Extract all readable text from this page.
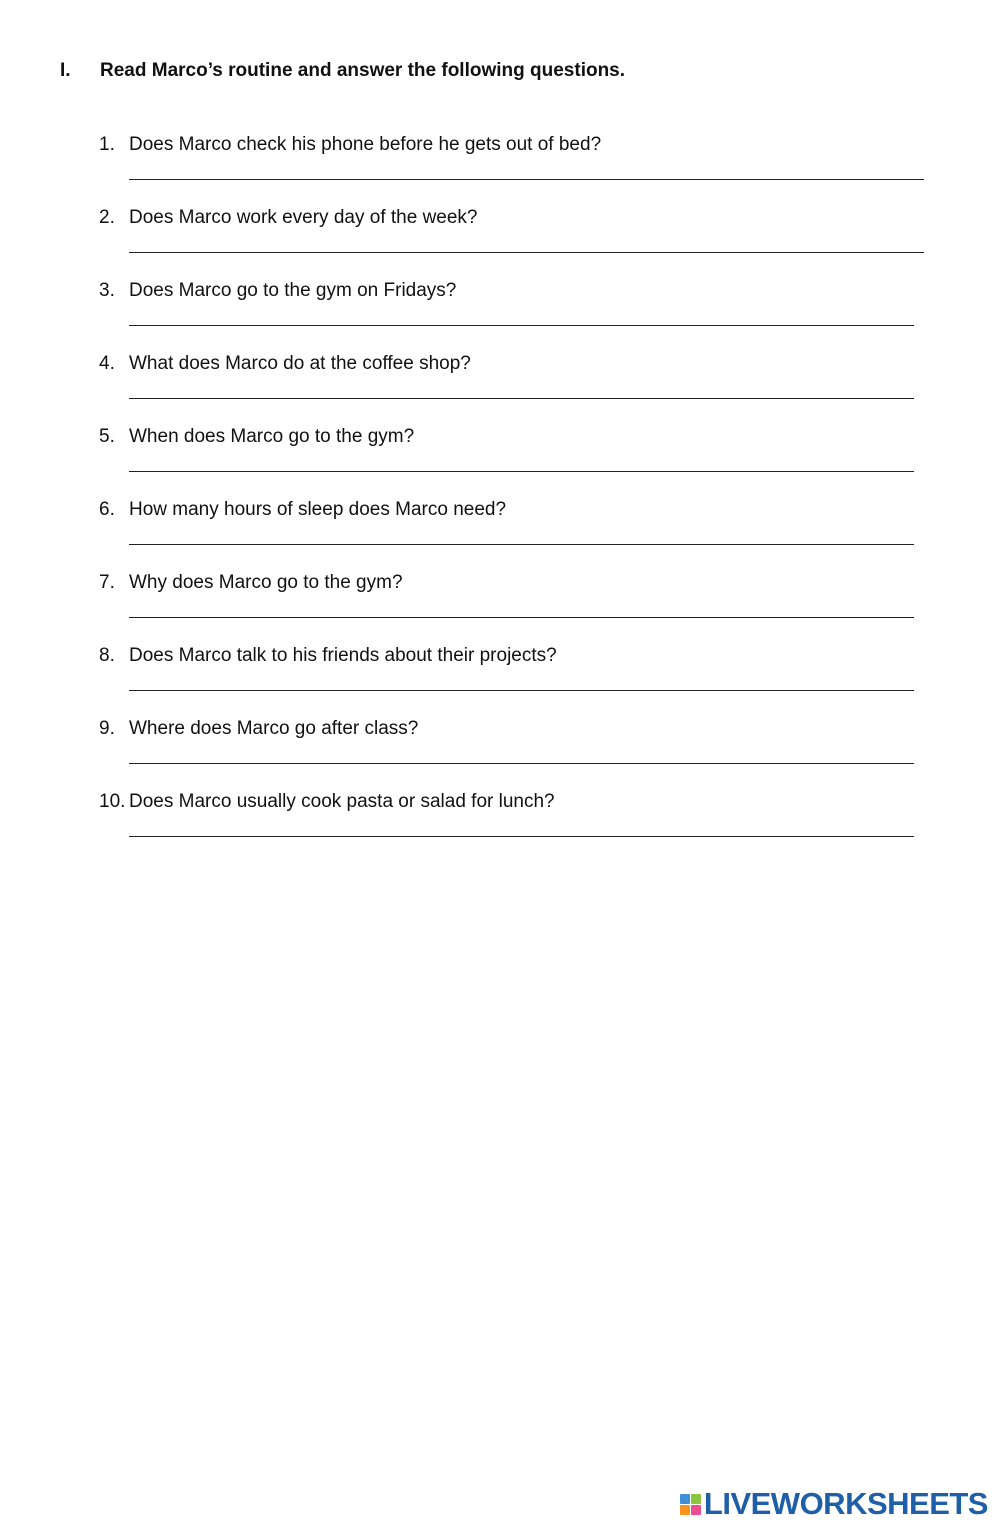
I. Read Marco’s routine and answer the following questions.
1. Does Marco check his phone before he gets out of bed?
2. Does Marco work every day of the week?
3. Does Marco go to the gym on Fridays?
4. What does Marco do at the coffee shop?
5. When does Marco go to the gym?
6. How many hours of sleep does Marco need?
7. Why does Marco go to the gym?
8. Does Marco talk to his friends about their projects?
9. Where does Marco go after class?
10. Does Marco usually cook pasta or salad for lunch?
LIVEWORKSHEETS
